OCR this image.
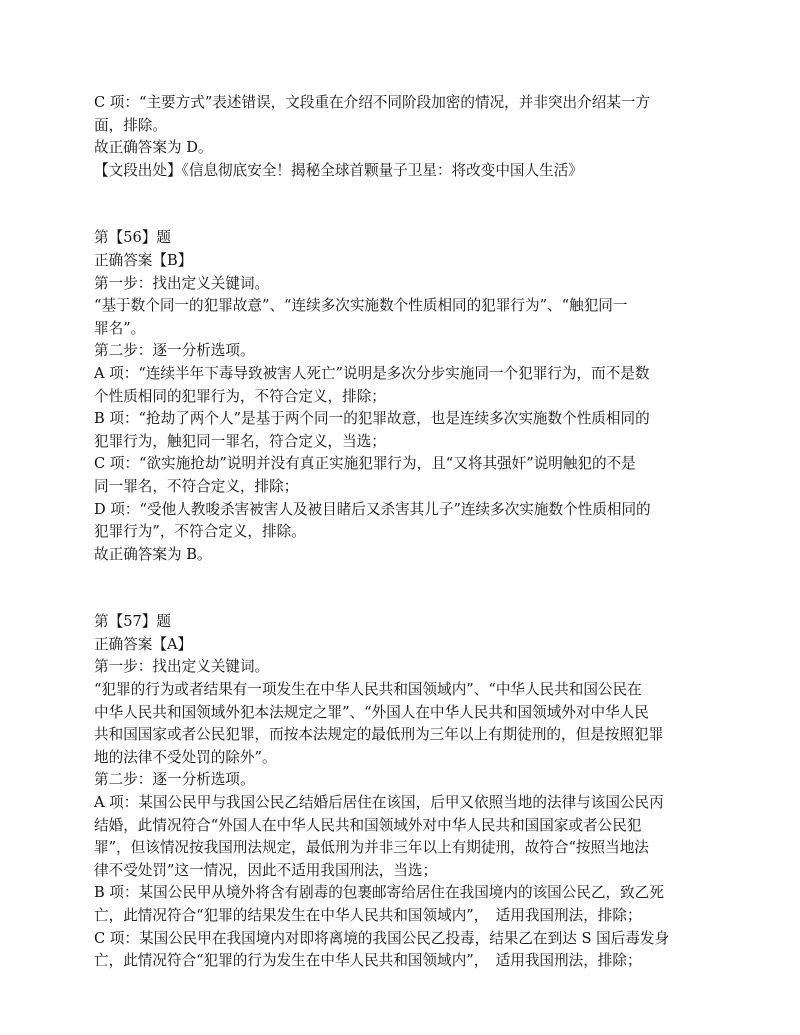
C 项：“主要方式”表述错误，文段重在介绍不同阶段加密的情况，并非突出介绍某一方
面，排除。
故正确答案为 D。
【文段出处】《信息彻底安全！揭秘全球首颗量子卫星：将改变中国人生活》
第【56】题
正确答案【B】
第一步：找出定义关键词。
“基于数个同一的犯罪故意”、“连续多次实施数个性质相同的犯罪行为”、“触犯同一
罪名”。
第二步：逐一分析选项。
A 项：“连续半年下毒导致被害人死亡”说明是多次分步实施同一个犯罪行为，而不是数
个性质相同的犯罪行为，不符合定义，排除；
B 项：“抢劫了两个人”是基于两个同一的犯罪故意，也是连续多次实施数个性质相同的
犯罪行为，触犯同一罪名，符合定义，当选；
C 项：“欲实施抢劫”说明并没有真正实施犯罪行为，且“又将其强奸”说明触犯的不是
同一罪名，不符合定义，排除；
D 项：“受他人教唆杀害被害人及被目睹后又杀害其儿子”连续多次实施数个性质相同的
犯罪行为”，不符合定义，排除。
故正确答案为 B。
第【57】题
正确答案【A】
第一步：找出定义关键词。
“犯罪的行为或者结果有一项发生在中华人民共和国领域内”、“中华人民共和国公民在
中华人民共和国领域外犯本法规定之罪”、“外国人在中华人民共和国领域外对中华人民
共和国国家或者公民犯罪，而按本法规定的最低刑为三年以上有期徒刑的，但是按照犯罪
地的法律不受处罚的除外”。
第二步：逐一分析选项。
A 项：某国公民甲与我国公民乙结婚后居住在该国，后甲又依照当地的法律与该国公民丙
结婚，此情况符合“外国人在中华人民共和国领域外对中华人民共和国国家或者公民犯
罪”，但该情况按我国刑法规定，最低刑为并非三年以上有期徒刑，故符合“按照当地法
律不受处罚”这一情况，因此不适用我国刑法，当选；
B 项：某国公民甲从境外将含有剧毒的包裹邮寄给居住在我国境内的该国公民乙，致乙死
亡，此情况符合“犯罪的结果发生在中华人民共和国领域内”，　适用我国刑法，排除；
C 项：某国公民甲在我国境内对即将离境的我国公民乙投毒，结果乙在到达 S 国后毒发身
亡，此情况符合“犯罪的行为发生在中华人民共和国领域内”，　适用我国刑法，排除；
